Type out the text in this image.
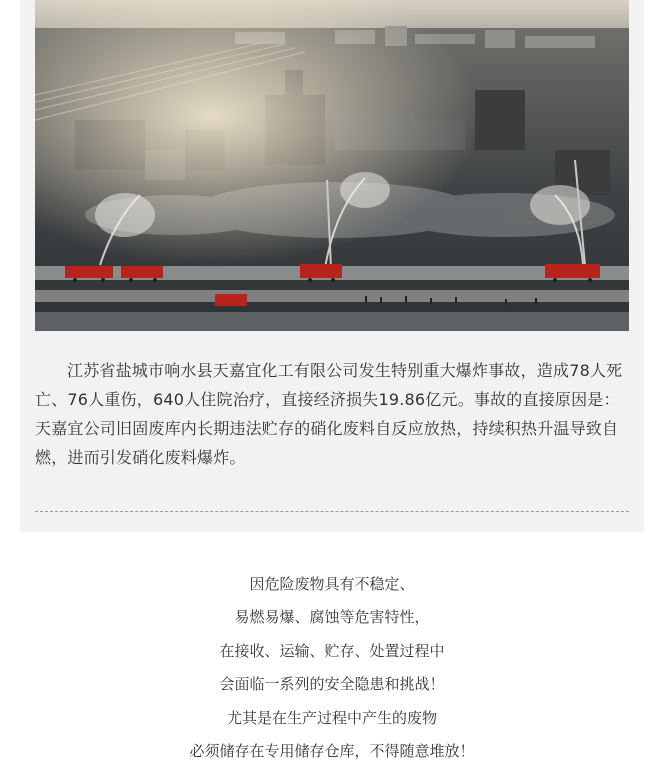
江苏省盐城市响水县天嘉宜化工有限公司发生特别重大爆炸事故，造成78人死亡、76人重伤，640人住院治疗，直接经济损失19.86亿元。事故的直接原因是：天嘉宜公司旧固废库内长期违法贮存的硝化废料自反应放热，持续积热升温导致自燃，进而引发硝化废料爆炸。

因危险废物具有不稳定、
易燃易爆、腐蚀等危害特性，
在接收、运输、贮存、处置过程中
会面临一系列的安全隐患和挑战！
尤其是在生产过程中产生的废物
必须储存在专用储存仓库，不得随意堆放！
